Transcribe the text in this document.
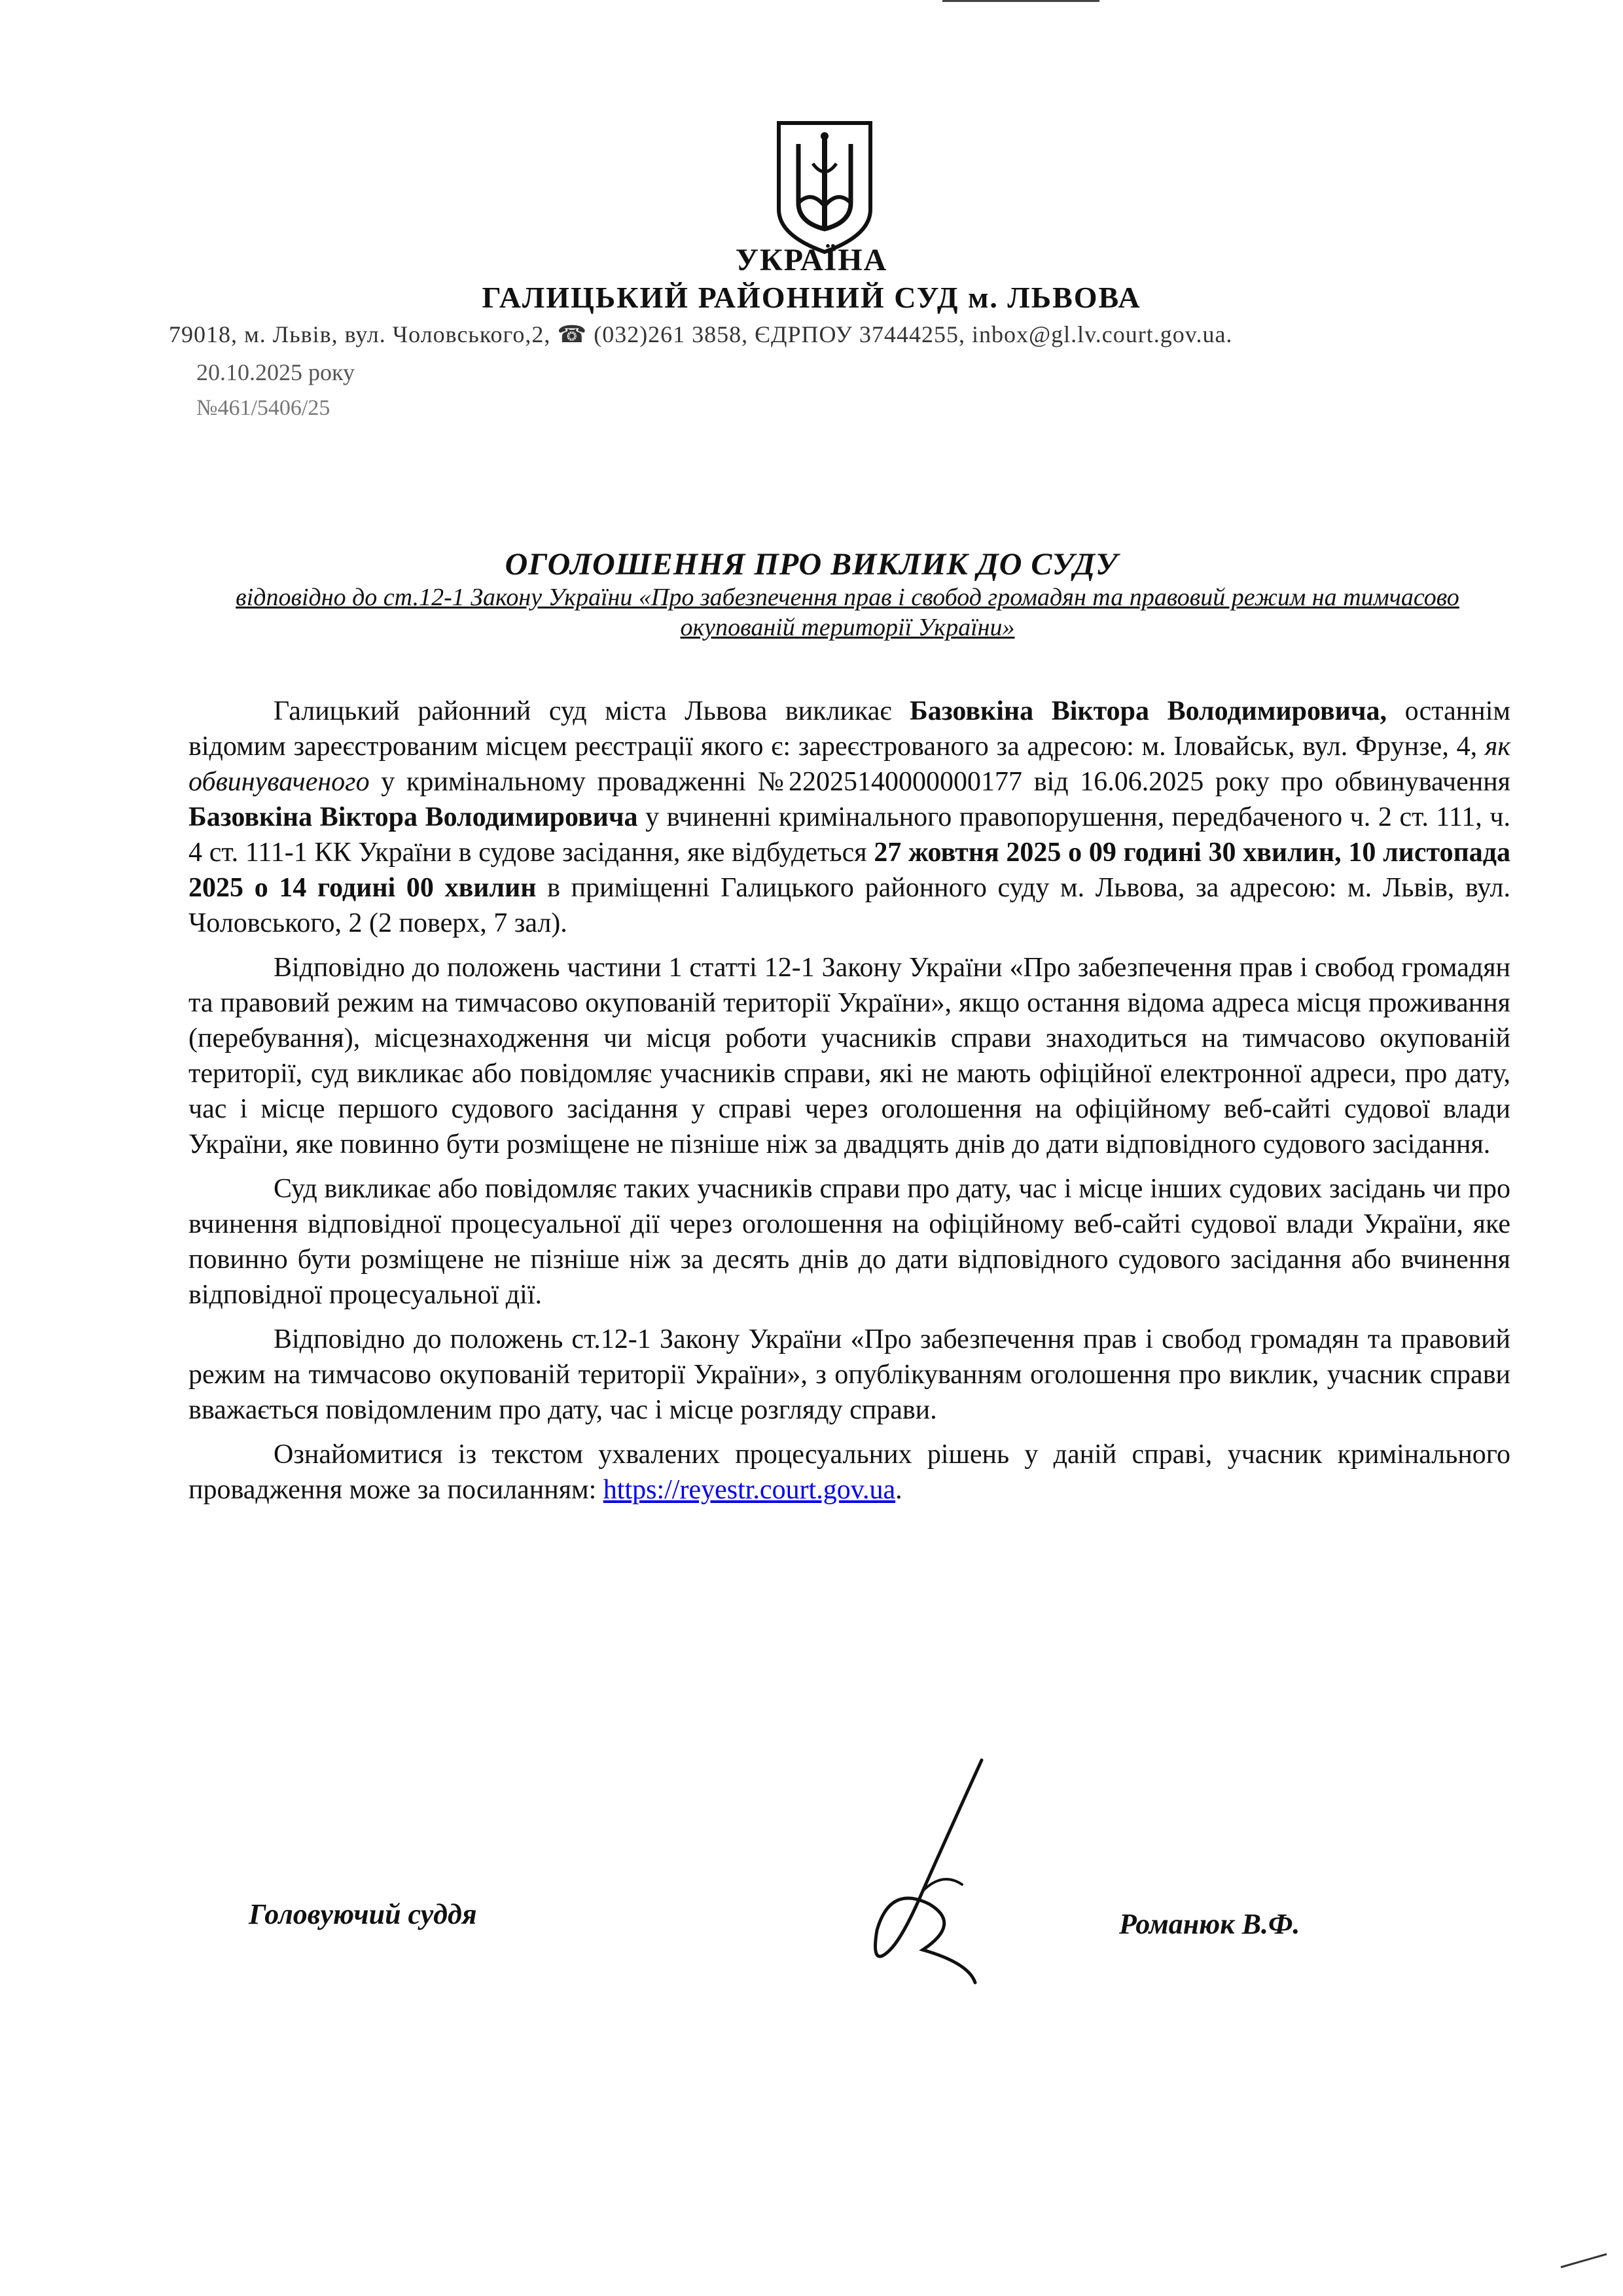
УКРАЇНА
ГАЛИЦЬКИЙ РАЙОННИЙ СУД м. ЛЬВОВА
79018, м. Львів, вул. Чоловського,2, ☎ (032)261 3858, ЄДРПОУ 37444255, inbox@gl.lv.court.gov.ua.
20.10.2025 року
№461/5406/25
ОГОЛОШЕННЯ ПРО ВИКЛИК ДО СУДУ
відповідно до ст.12-1 Закону України «Про забезпечення прав і свобод громадян та правовий режим на тимчасово окупованій території України»

Галицький районний суд міста Львова викликає Базовкіна Віктора Володимировича, останнім відомим зареєстрованим місцем реєстрації якого є: зареєстрованого за адресою: м. Іловайськ, вул. Фрунзе, 4, як обвинуваченого у кримінальному провадженні №22025140000000177 від 16.06.2025 року про обвинувачення Базовкіна Віктора Володимировича у вчиненні кримінального правопорушення, передбаченого ч. 2 ст. 111, ч. 4 ст. 111-1 КК України в судове засідання, яке відбудеться 27 жовтня 2025 о 09 годині 30 хвилин, 10 листопада 2025 о 14 годині 00 хвилин в приміщенні Галицького районного суду м. Львова, за адресою: м. Львів, вул. Чоловського, 2 (2 поверх, 7 зал).

Відповідно до положень частини 1 статті 12-1 Закону України «Про забезпечення прав і свобод громадян та правовий режим на тимчасово окупованій території України», якщо остання відома адреса місця проживання (перебування), місцезнаходження чи місця роботи учасників справи знаходиться на тимчасово окупованій території, суд викликає або повідомляє учасників справи, які не мають офіційної електронної адреси, про дату, час і місце першого судового засідання у справі через оголошення на офіційному веб-сайті судової влади України, яке повинно бути розміщене не пізніше ніж за двадцять днів до дати відповідного судового засідання.

Суд викликає або повідомляє таких учасників справи про дату, час і місце інших судових засідань чи про вчинення відповідної процесуальної дії через оголошення на офіційному веб-сайті судової влади України, яке повинно бути розміщене не пізніше ніж за десять днів до дати відповідного судового засідання або вчинення відповідної процесуальної дії.

Відповідно до положень ст.12-1 Закону України «Про забезпечення прав і свобод громадян та правовий режим на тимчасово окупованій території України», з опублікуванням оголошення про виклик, учасник справи вважається повідомленим про дату, час і місце розгляду справи.

Ознайомитися із текстом ухвалених процесуальних рішень у даній справі, учасник кримінального провадження може за посиланням: https://reyestr.court.gov.ua.

Головуючий суддя	Романюк В.Ф.
